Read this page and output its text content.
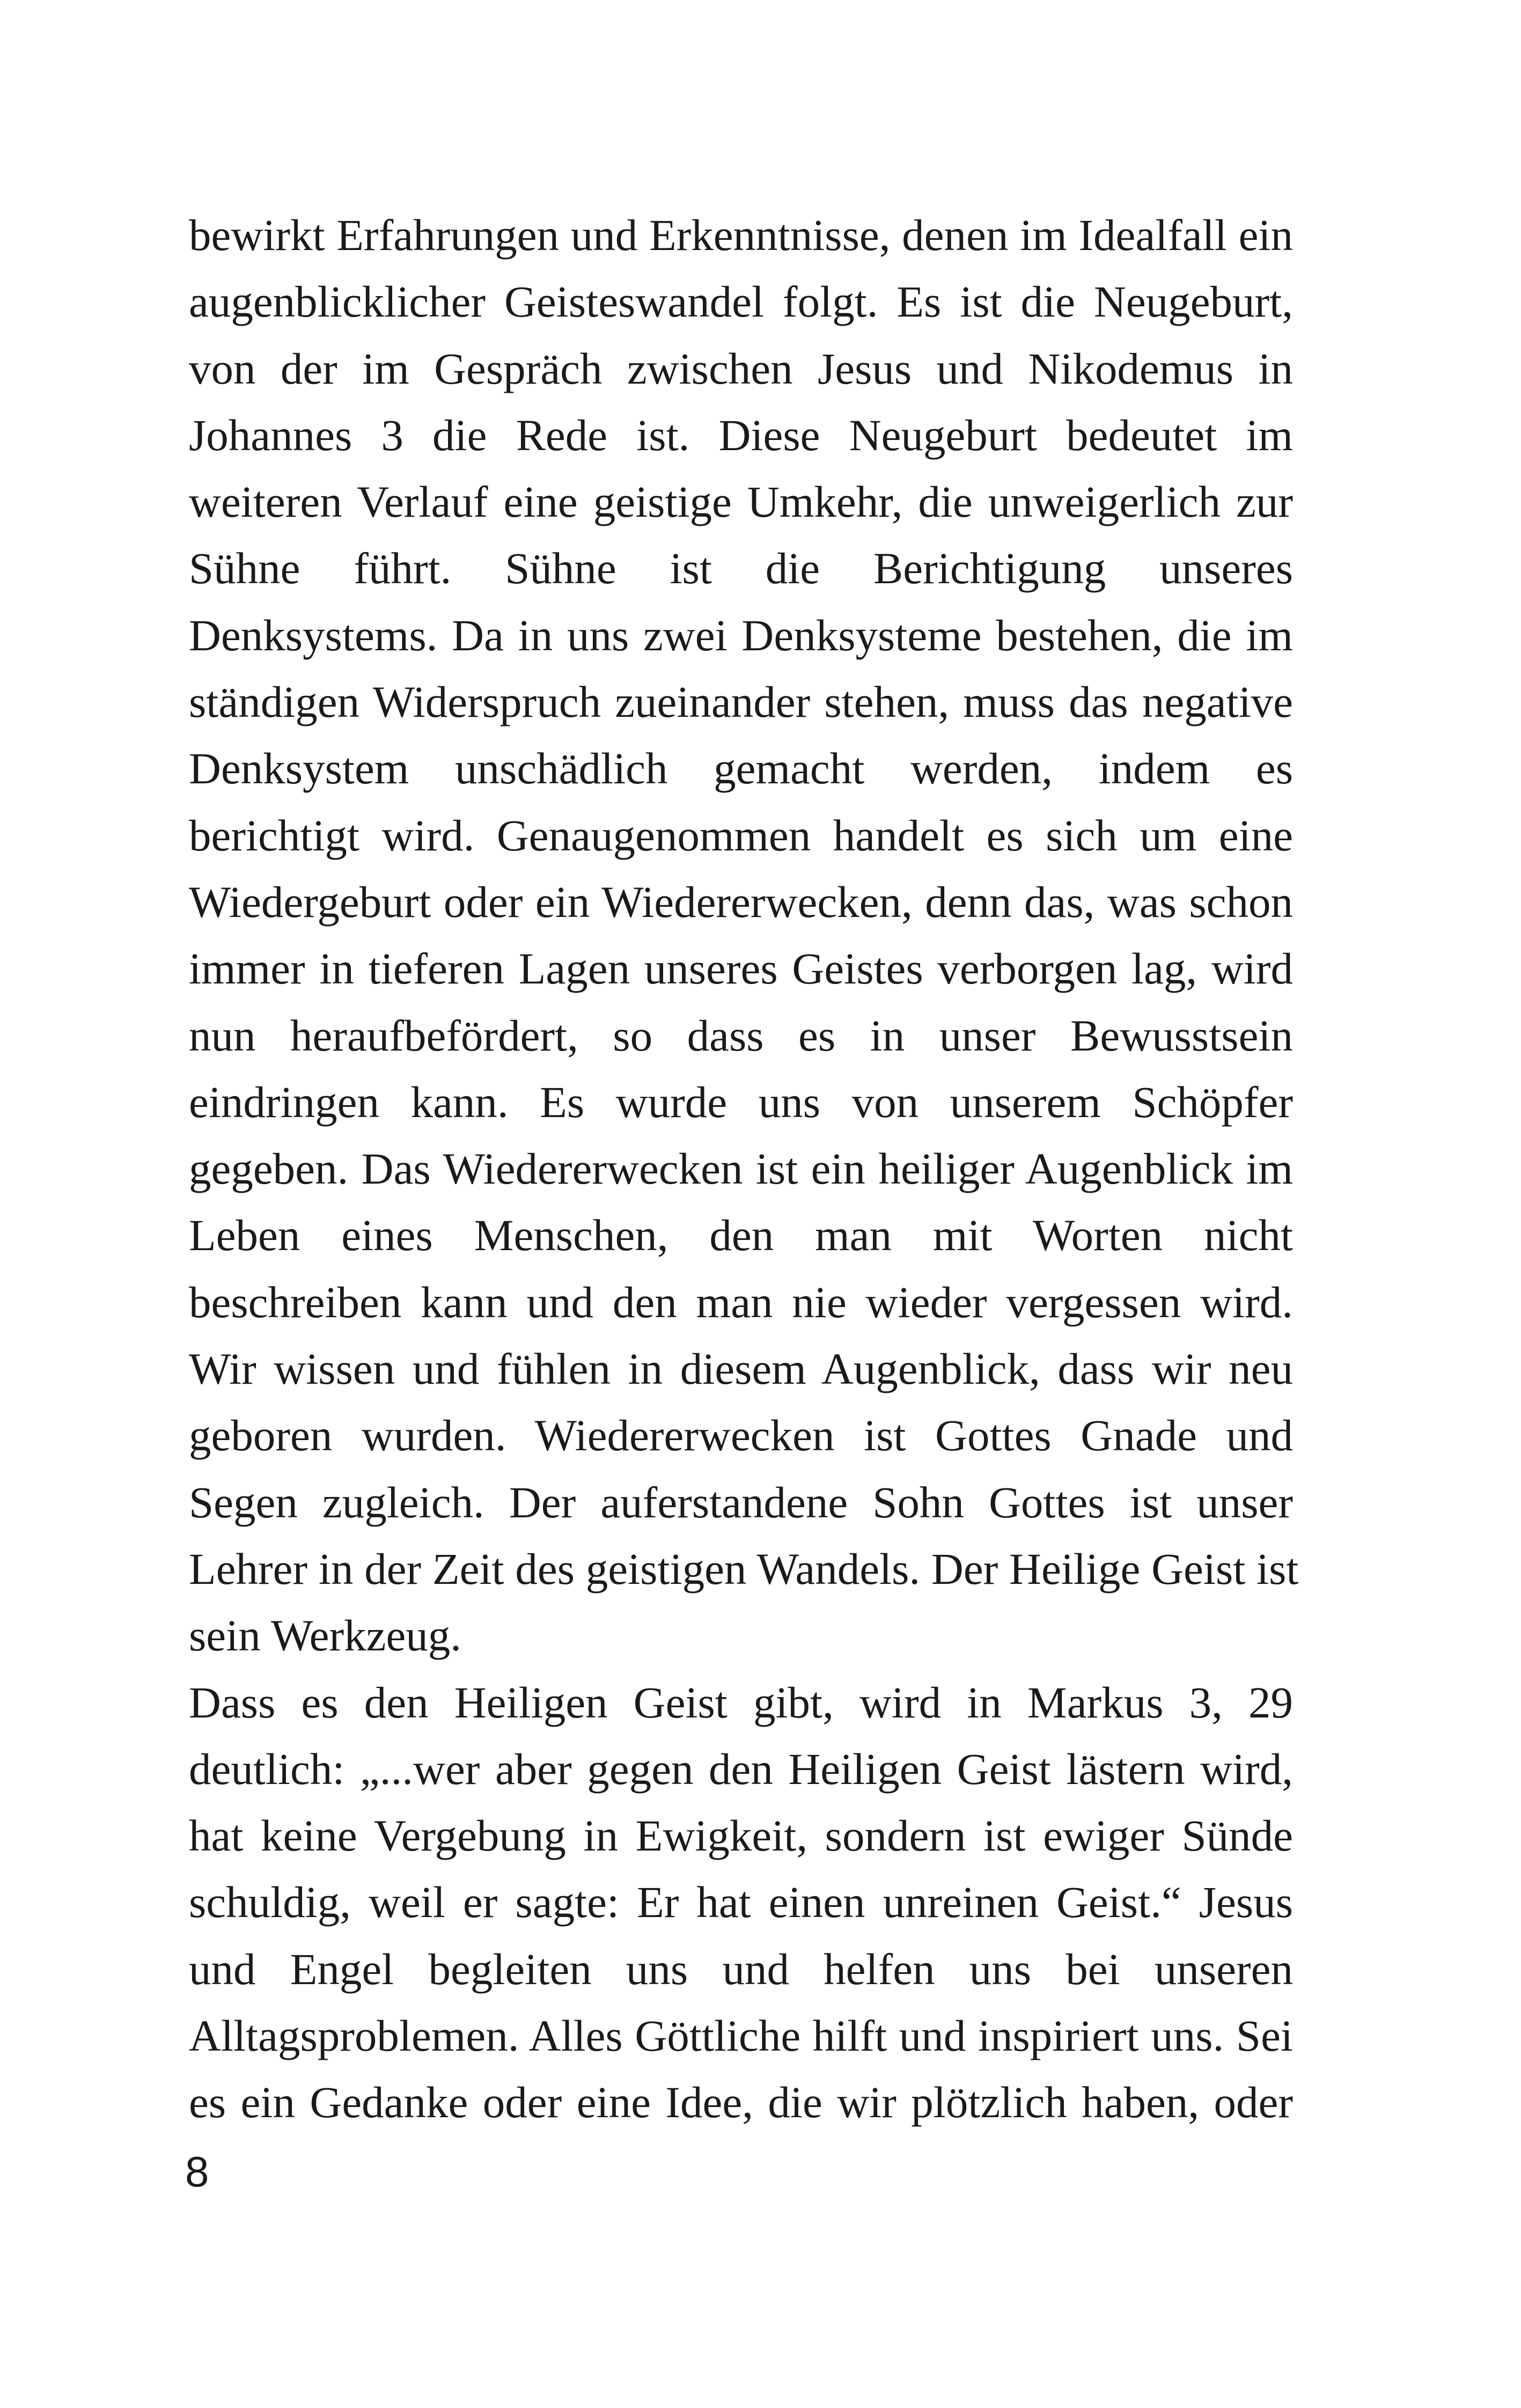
bewirkt Erfahrungen und Erkenntnisse, denen im Idealfall ein
augenblicklicher Geisteswandel folgt. Es ist die Neugeburt,
von der im Gespräch zwischen Jesus und Nikodemus in
Johannes 3 die Rede ist. Diese Neugeburt bedeutet im
weiteren Verlauf eine geistige Umkehr, die unweigerlich zur
Sühne führt. Sühne ist die Berichtigung unseres
Denksystems. Da in uns zwei Denksysteme bestehen, die im
ständigen Widerspruch zueinander stehen, muss das negative
Denksystem unschädlich gemacht werden, indem es
berichtigt wird. Genaugenommen handelt es sich um eine
Wiedergeburt oder ein Wiedererwecken, denn das, was schon
immer in tieferen Lagen unseres Geistes verborgen lag, wird
nun heraufbefördert, so dass es in unser Bewusstsein
eindringen kann. Es wurde uns von unserem Schöpfer
gegeben. Das Wiedererwecken ist ein heiliger Augenblick im
Leben eines Menschen, den man mit Worten nicht
beschreiben kann und den man nie wieder vergessen wird.
Wir wissen und fühlen in diesem Augenblick, dass wir neu
geboren wurden. Wiedererwecken ist Gottes Gnade und
Segen zugleich. Der auferstandene Sohn Gottes ist unser
Lehrer in der Zeit des geistigen Wandels. Der Heilige Geist ist
sein Werkzeug.
Dass es den Heiligen Geist gibt, wird in Markus 3, 29
deutlich: „...wer aber gegen den Heiligen Geist lästern wird,
hat keine Vergebung in Ewigkeit, sondern ist ewiger Sünde
schuldig, weil er sagte: Er hat einen unreinen Geist.“ Jesus
und Engel begleiten uns und helfen uns bei unseren
Alltagsproblemen. Alles Göttliche hilft und inspiriert uns. Sei
es ein Gedanke oder eine Idee, die wir plötzlich haben, oder
8
